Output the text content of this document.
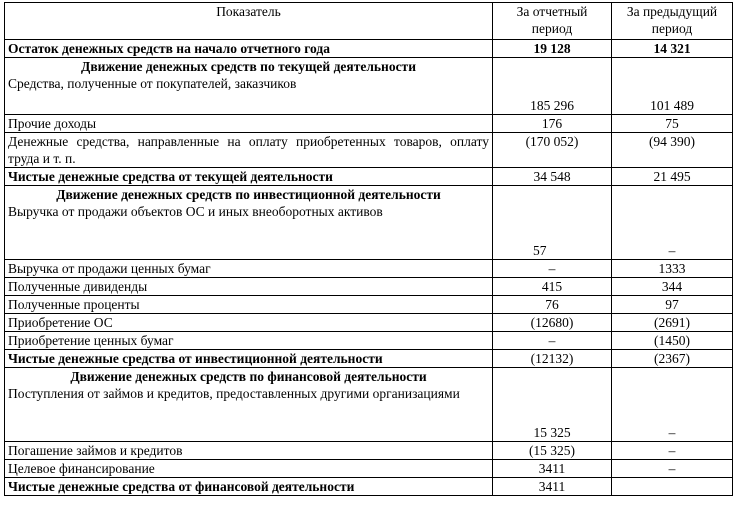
Показатель	За отчетный период	За предыдущий период
Остаток денежных средств на начало отчетного года	19 128	14 321

Движение денежных средств по текущей деятельности
Средства, полученные от покупателей, заказчиков	185 296	101 489
Прочие доходы	176	75
Денежные средства, направленные на оплату приобретенных товаров, оплату труда и т. п.	(170 052)	(94 390)
Чистые денежные средства от текущей деятельности	34 548	21 495

Движение денежных средств по инвестиционной деятельности
Выручка от продажи объектов ОС и иных внеоборотных активов	57	–
Выручка от продажи ценных бумаг	–	1333
Полученные дивиденды	415	344
Полученные проценты	76	97
Приобретение ОС	(12680)	(2691)
Приобретение ценных бумаг	–	(1450)
Чистые денежные средства от инвестиционной деятельности	(12132)	(2367)

Движение денежных средств по финансовой деятельности
Поступления от займов и кредитов, предоставленных другими организациями	15 325	–
Погашение займов и кредитов	(15 325)	–
Целевое финансирование	3411	–
Чистые денежные средства от финансовой деятельности	3411	
